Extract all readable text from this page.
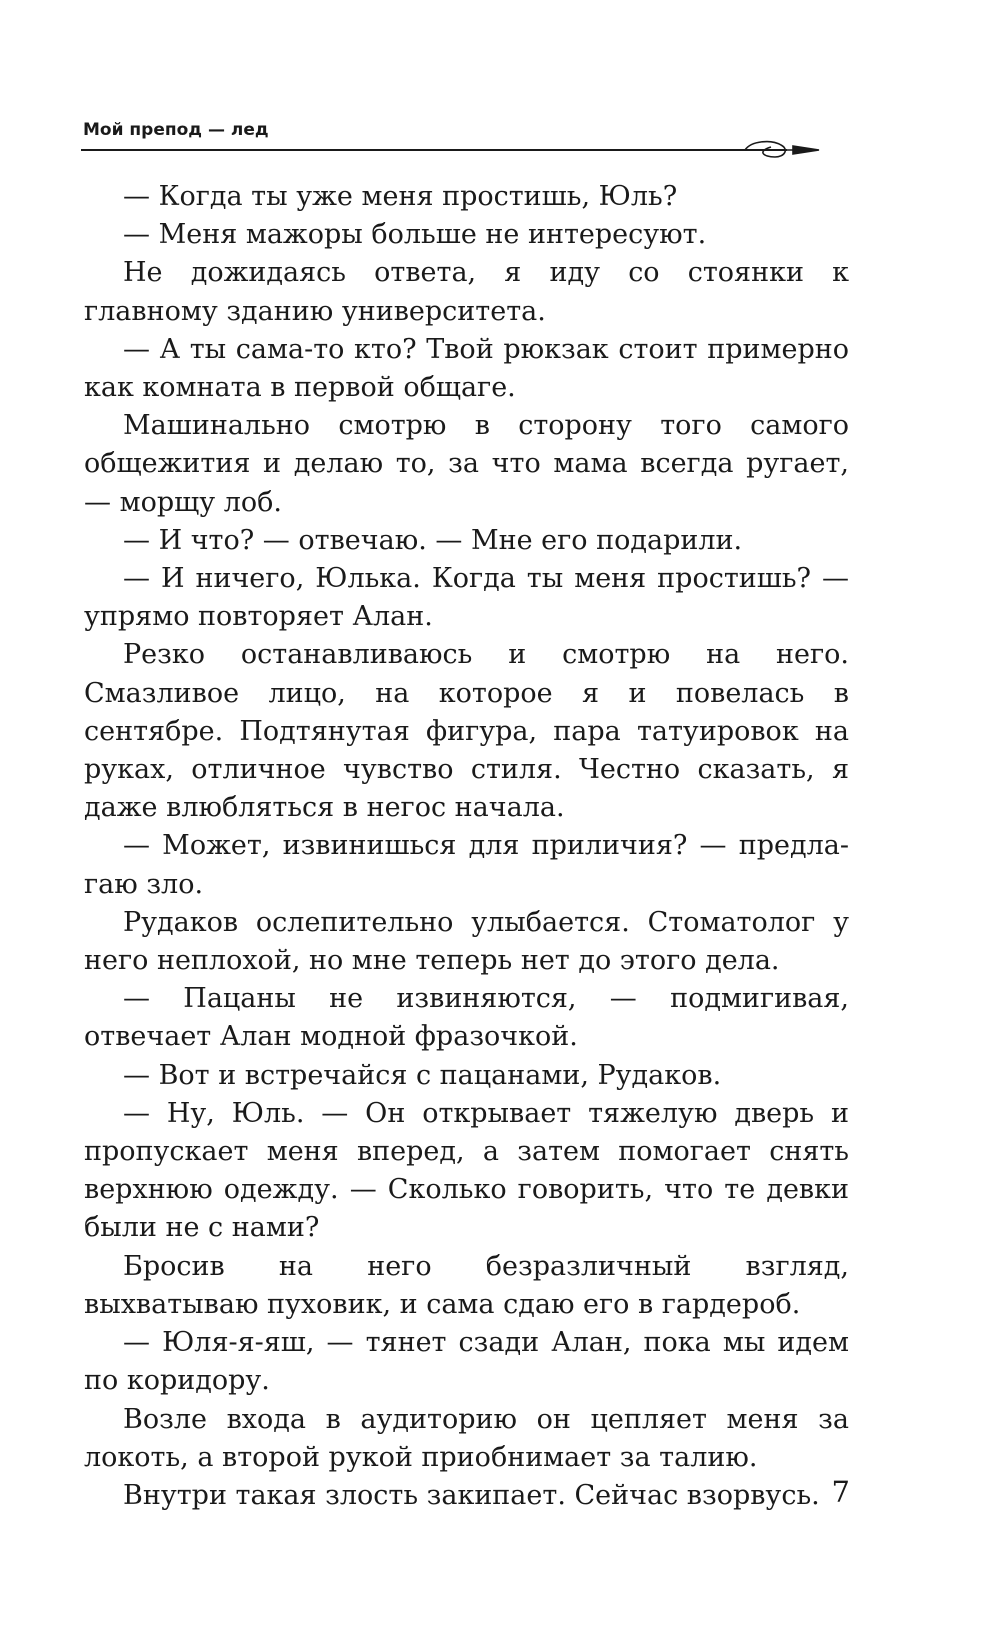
Мой препод — лед

— Когда ты уже меня простишь, Юль?

— Меня мажоры больше не интересуют.

Не дожидаясь ответа, я иду со стоянки к главному зданию университета.

— А ты сама-то кто? Твой рюкзак стоит примерно как комната в первой общаге.

Машинально смотрю в сторону того самого общежития и делаю то, за что мама всегда ругает, — морщу лоб.

— И что? — отвечаю. — Мне его подарили.

— И ничего, Юлька. Когда ты меня простишь? — упрямо повторяет Алан.

Резко останавливаюсь и смотрю на него. Смазливое лицо, на которое я и повелась в сентябре. Подтянутая фигура, пара татуировок на руках, отличное чувство стиля. Честно сказать, я даже влюбляться в негос начала.

— Может, извинишься для приличия? — предлагаю зло.

Рудаков ослепительно улыбается. Стоматолог у него неплохой, но мне теперь нет до этого дела.

— Пацаны не извиняются, — подмигивая, отвечает Алан модной фразочкой.

— Вот и встречайся с пацанами, Рудаков.

— Ну, Юль. — Он открывает тяжелую дверь и пропускает меня вперед, а затем помогает снять верхнюю одежду. — Сколько говорить, что те девки были не с нами?

Бросив на него безразличный взгляд, выхватываю пуховик, и сама сдаю его в гардероб.

— Юля-я-яш, — тянет сзади Алан, пока мы идем по коридору.

Возле входа в аудиторию он цепляет меня за локоть, а второй рукой приобнимает за талию.

Внутри такая злость закипает. Сейчас взорвусь. 7
